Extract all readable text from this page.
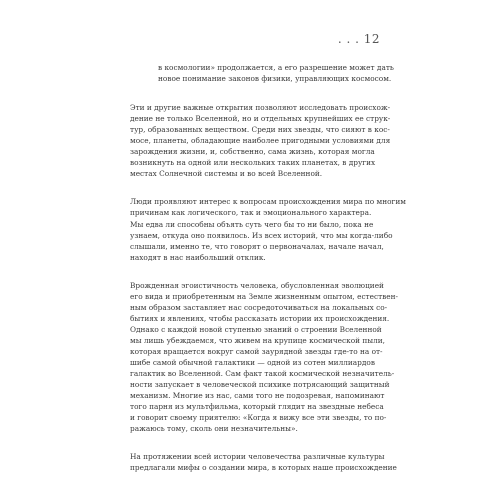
. . . 12

в космологии» продолжается, а его разрешение может дать
новое понимание законов физики, управляющих космосом.

Эти и другие важные открытия позволяют исследовать происхож-
дение не только Вселенной, но и отдельных крупнейших ее струк-
тур, образованных веществом. Среди них звезды, что сияют в кос-
мосе, планеты, обладающие наиболее пригодными условиями для
зарождения жизни, и, собственно, сама жизнь, которая могла
возникнуть на одной или нескольких таких планетах, в других
местах Солнечной системы и во всей Вселенной.

Люди проявляют интерес к вопросам происхождения мира по многим
причинам как логического, так и эмоционального характера.
Мы едва ли способны объять суть чего бы то ни было, пока не
узнаем, откуда оно появилось. Из всех историй, что мы когда-либо
слышали, именно те, что говорят о первоначалах, начале начал,
находят в нас наибольший отклик.

Врожденная эгоистичность человека, обусловленная эволюцией
его вида и приобретенным на Земле жизненным опытом, естествен-
ным образом заставляет нас сосредоточиваться на локальных со-
бытиях и явлениях, чтобы рассказать истории их происхождения.
Однако с каждой новой ступенью знаний о строении Вселенной
мы лишь убеждаемся, что живем на крупице космической пыли,
которая вращается вокруг самой заурядной звезды где-то на от-
шибе самой обычной галактики — одной из сотен миллиардов
галактик во Вселенной. Сам факт такой космической незначитель-
ности запускает в человеческой психике потрясающий защитный
механизм. Многие из нас, сами того не подозревая, напоминают
того парня из мультфильма, который глядит на звездные небеса
и говорит своему приятелю: «Когда я вижу все эти звезды, то по-
ражаюсь тому, сколь они незначительны».

На протяжении всей истории человечества различные культуры
предлагали мифы о создании мира, в которых наше происхождение
